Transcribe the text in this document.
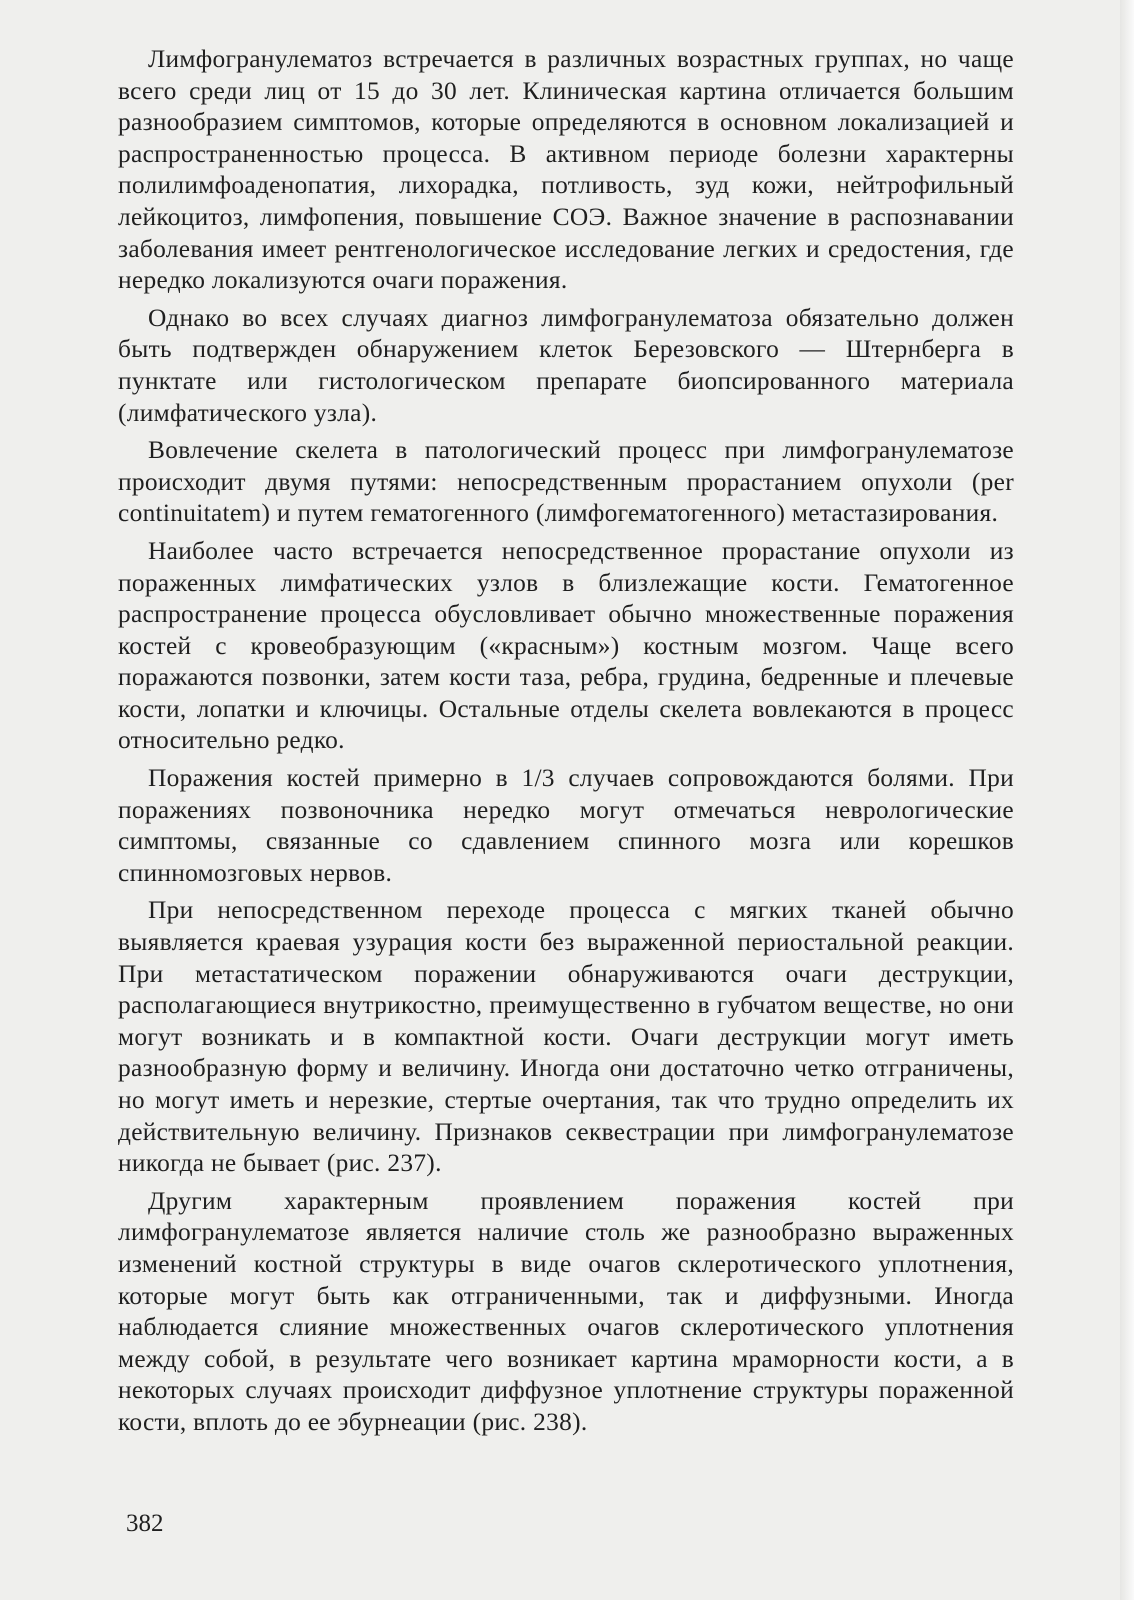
Лимфогранулематоз встречается в различных возрастных группах, но чаще всего среди лиц от 15 до 30 лет. Клиническая картина отличается большим разнообразием симптомов, которые определяются в основном локализацией и распространенностью процесса. В активном периоде болезни характерны полилимфоаденопатия, лихорадка, потливость, зуд кожи, нейтрофильный лейкоцитоз, лимфопения, повышение СОЭ. Важное значение в распознавании заболевания имеет рентгенологическое исследование легких и средостения, где нередко локализуются очаги поражения.

Однако во всех случаях диагноз лимфогранулематоза обязательно должен быть подтвержден обнаружением клеток Березовского — Штернберга в пунктате или гистологическом препарате биопсированного материала (лимфатического узла).

Вовлечение скелета в патологический процесс при лимфогранулематозе происходит двумя путями: непосредственным прорастанием опухоли (per continuitatem) и путем гематогенного (лимфогематогенного) метастазирования.

Наиболее часто встречается непосредственное прорастание опухоли из пораженных лимфатических узлов в близлежащие кости. Гематогенное распространение процесса обусловливает обычно множественные поражения костей с кровеобразующим («красным») костным мозгом. Чаще всего поражаются позвонки, затем кости таза, ребра, грудина, бедренные и плечевые кости, лопатки и ключицы. Остальные отделы скелета вовлекаются в процесс относительно редко.

Поражения костей примерно в 1/3 случаев сопровождаются болями. При поражениях позвоночника нередко могут отмечаться неврологические симптомы, связанные со сдавлением спинного мозга или корешков спинномозговых нервов.

При непосредственном переходе процесса с мягких тканей обычно выявляется краевая узурация кости без выраженной периостальной реакции. При метастатическом поражении обнаруживаются очаги деструкции, располагающиеся внутрикостно, преимущественно в губчатом веществе, но они могут возникать и в компактной кости. Очаги деструкции могут иметь разнообразную форму и величину. Иногда они достаточно четко отграничены, но могут иметь и нерезкие, стертые очертания, так что трудно определить их действительную величину. Признаков секвестрации при лимфогранулематозе никогда не бывает (рис. 237).

Другим характерным проявлением поражения костей при лимфогранулематозе является наличие столь же разнообразно выраженных изменений костной структуры в виде очагов склеротического уплотнения, которые могут быть как отграниченными, так и диффузными. Иногда наблюдается слияние множественных очагов склеротического уплотнения между собой, в результате чего возникает картина мраморности кости, а в некоторых случаях происходит диффузное уплотнение структуры пораженной кости, вплоть до ее эбурнеации (рис. 238).

382
